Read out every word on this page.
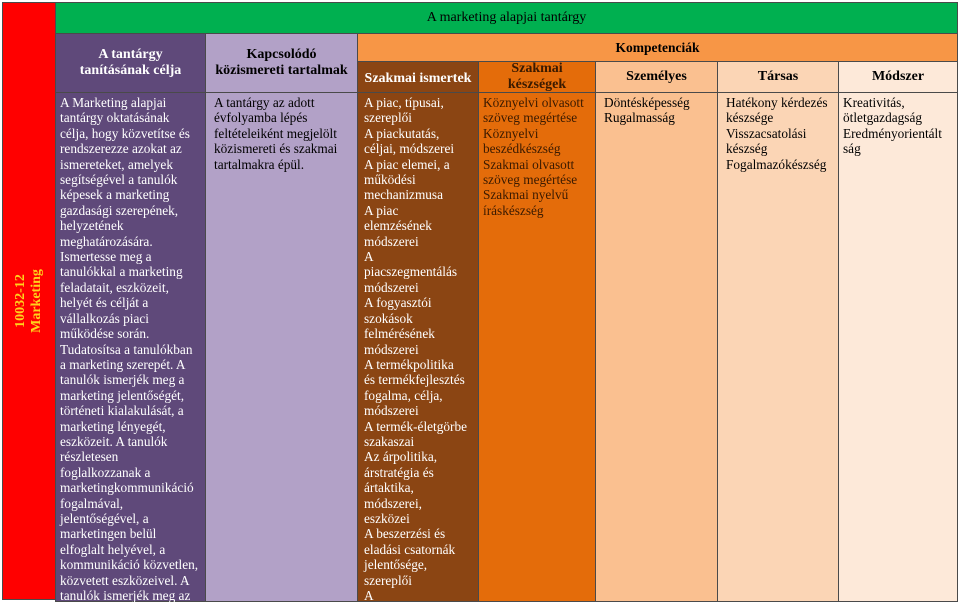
10032-12 Marketing
A marketing alapjai tantárgy
A tantárgy tanításának célja
Kapcsolódó közismereti tartalmak
Kompetenciák
Szakmai ismertek
Szakmai készségek
Személyes	Társas	Módszer
A Marketing alapjai
tantárgy oktatásának
célja, hogy közvetítse és
rendszerezze azokat az
ismereteket, amelyek
segítségével a tanulók
képesek a marketing
gazdasági szerepének,
helyzetének
meghatározására.
Ismertesse meg a
tanulókkal a marketing
feladatait, eszközeit,
helyét és célját a
vállalkozás piaci
működése során.
Tudatosítsa a tanulókban
a marketing szerepét. A
tanulók ismerjék meg a
marketing jelentőségét,
történeti kialakulását, a
marketing lényegét,
eszközeit. A tanulók
részletesen
foglalkozzanak a
marketingkommunikáció
fogalmával,
jelentőségével, a
marketingen belül
elfoglalt helyével, a
kommunikáció közvetlen,
közvetett eszközeivel. A
tanulók ismerjék meg az
A tantárgy az adott
évfolyamba lépés
feltételeiként megjelölt
közismereti és szakmai
tartalmakra épül.
A piac, típusai,
szereplői
A piackutatás,
céljai, módszerei
A piac elemei, a
működési
mechanizmusa
A piac
elemzésének
módszerei
A
piacszegmentálás
módszerei
A fogyasztói
szokások
felmérésének
módszerei
A termékpolitika
és termékfejlesztés
fogalma, célja,
módszerei
A termék-életgörbe
szakaszai
Az árpolitika,
árstratégia és
ártaktika,
módszerei,
eszközei
A beszerzési és
eladási csatornák
jelentősége,
szereplői
A
Köznyelvi olvasott
szöveg megértése
Köznyelvi
beszédkészség
Szakmai olvasott
szöveg megértése
Szakmai nyelvű
íráskészség
Döntésképesség
Rugalmasság
Hatékony kérdezés
készsége
Visszacsatolási
készség
Fogalmazókészség
Kreativitás,
ötletgazdagság
Eredményorientált
ság
